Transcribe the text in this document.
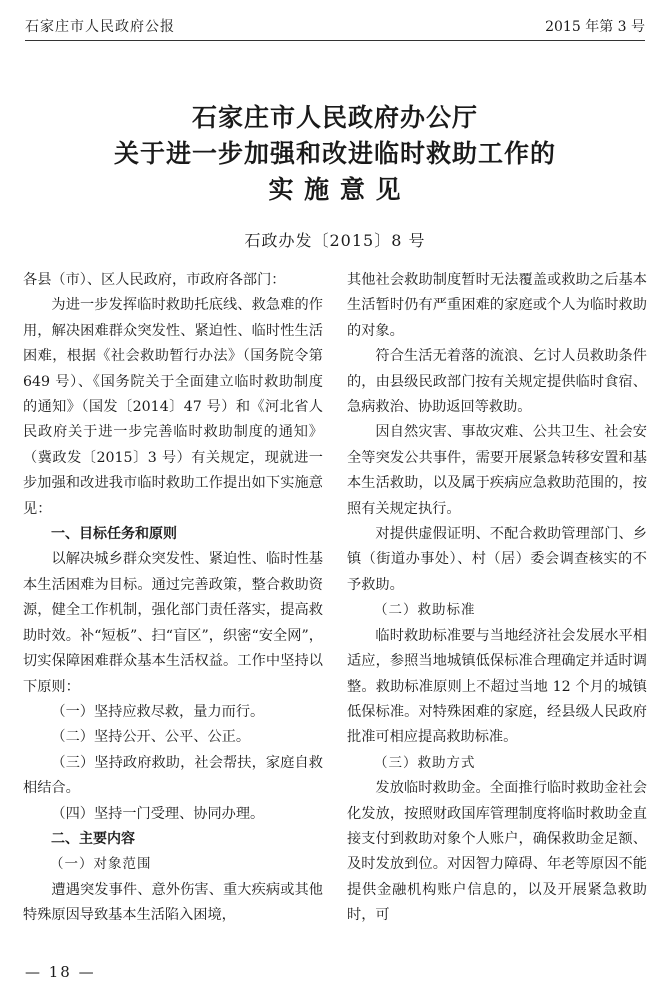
石家庄市人民政府公报	2015 年第 3 号
石家庄市人民政府办公厅
关于进一步加强和改进临时救助工作的
实 施 意 见
石政办发〔2015〕8 号

各县（市）、区人民政府，市政府各部门：

为进一步发挥临时救助托底线、救急难的作用，解决困难群众突发性、紧迫性、临时性生活困难，根据《社会救助暂行办法》（国务院令第 649 号）、《国务院关于全面建立临时救助制度的通知》（国发〔2014〕47 号）和《河北省人民政府关于进一步完善临时救助制度的通知》（冀政发〔2015〕3 号）有关规定，现就进一步加强和改进我市临时救助工作提出如下实施意见：

一、目标任务和原则

以解决城乡群众突发性、紧迫性、临时性基本生活困难为目标。通过完善政策，整合救助资源，健全工作机制，强化部门责任落实，提高救助时效。补“短板”、扫“盲区”，织密“安全网”，切实保障困难群众基本生活权益。工作中坚持以下原则：

（一）坚持应救尽救，量力而行。

（二）坚持公开、公平、公正。

（三）坚持政府救助，社会帮扶，家庭自救相结合。

（四）坚持一门受理、协同办理。

二、主要内容

（一）对象范围

遭遇突发事件、意外伤害、重大疾病或其他特殊原因导致基本生活陷入困境，

其他社会救助制度暂时无法覆盖或救助之后基本生活暂时仍有严重困难的家庭或个人为临时救助的对象。

符合生活无着落的流浪、乞讨人员救助条件的，由县级民政部门按有关规定提供临时食宿、急病救治、协助返回等救助。

因自然灾害、事故灾难、公共卫生、社会安全等突发公共事件，需要开展紧急转移安置和基本生活救助，以及属于疾病应急救助范围的，按照有关规定执行。

对提供虚假证明、不配合救助管理部门、乡镇（街道办事处）、村（居）委会调查核实的不予救助。

（二）救助标准

临时救助标准要与当地经济社会发展水平相适应，参照当地城镇低保标准合理确定并适时调整。救助标准原则上不超过当地 12 个月的城镇低保标准。对特殊困难的家庭，经县级人民政府批准可相应提高救助标准。

（三）救助方式

发放临时救助金。全面推行临时救助金社会化发放，按照财政国库管理制度将临时救助金直接支付到救助对象个人账户，确保救助金足额、及时发放到位。对因智力障碍、年老等原因不能提供金融机构账户信息的，以及开展紧急救助时，可

— 18 —
